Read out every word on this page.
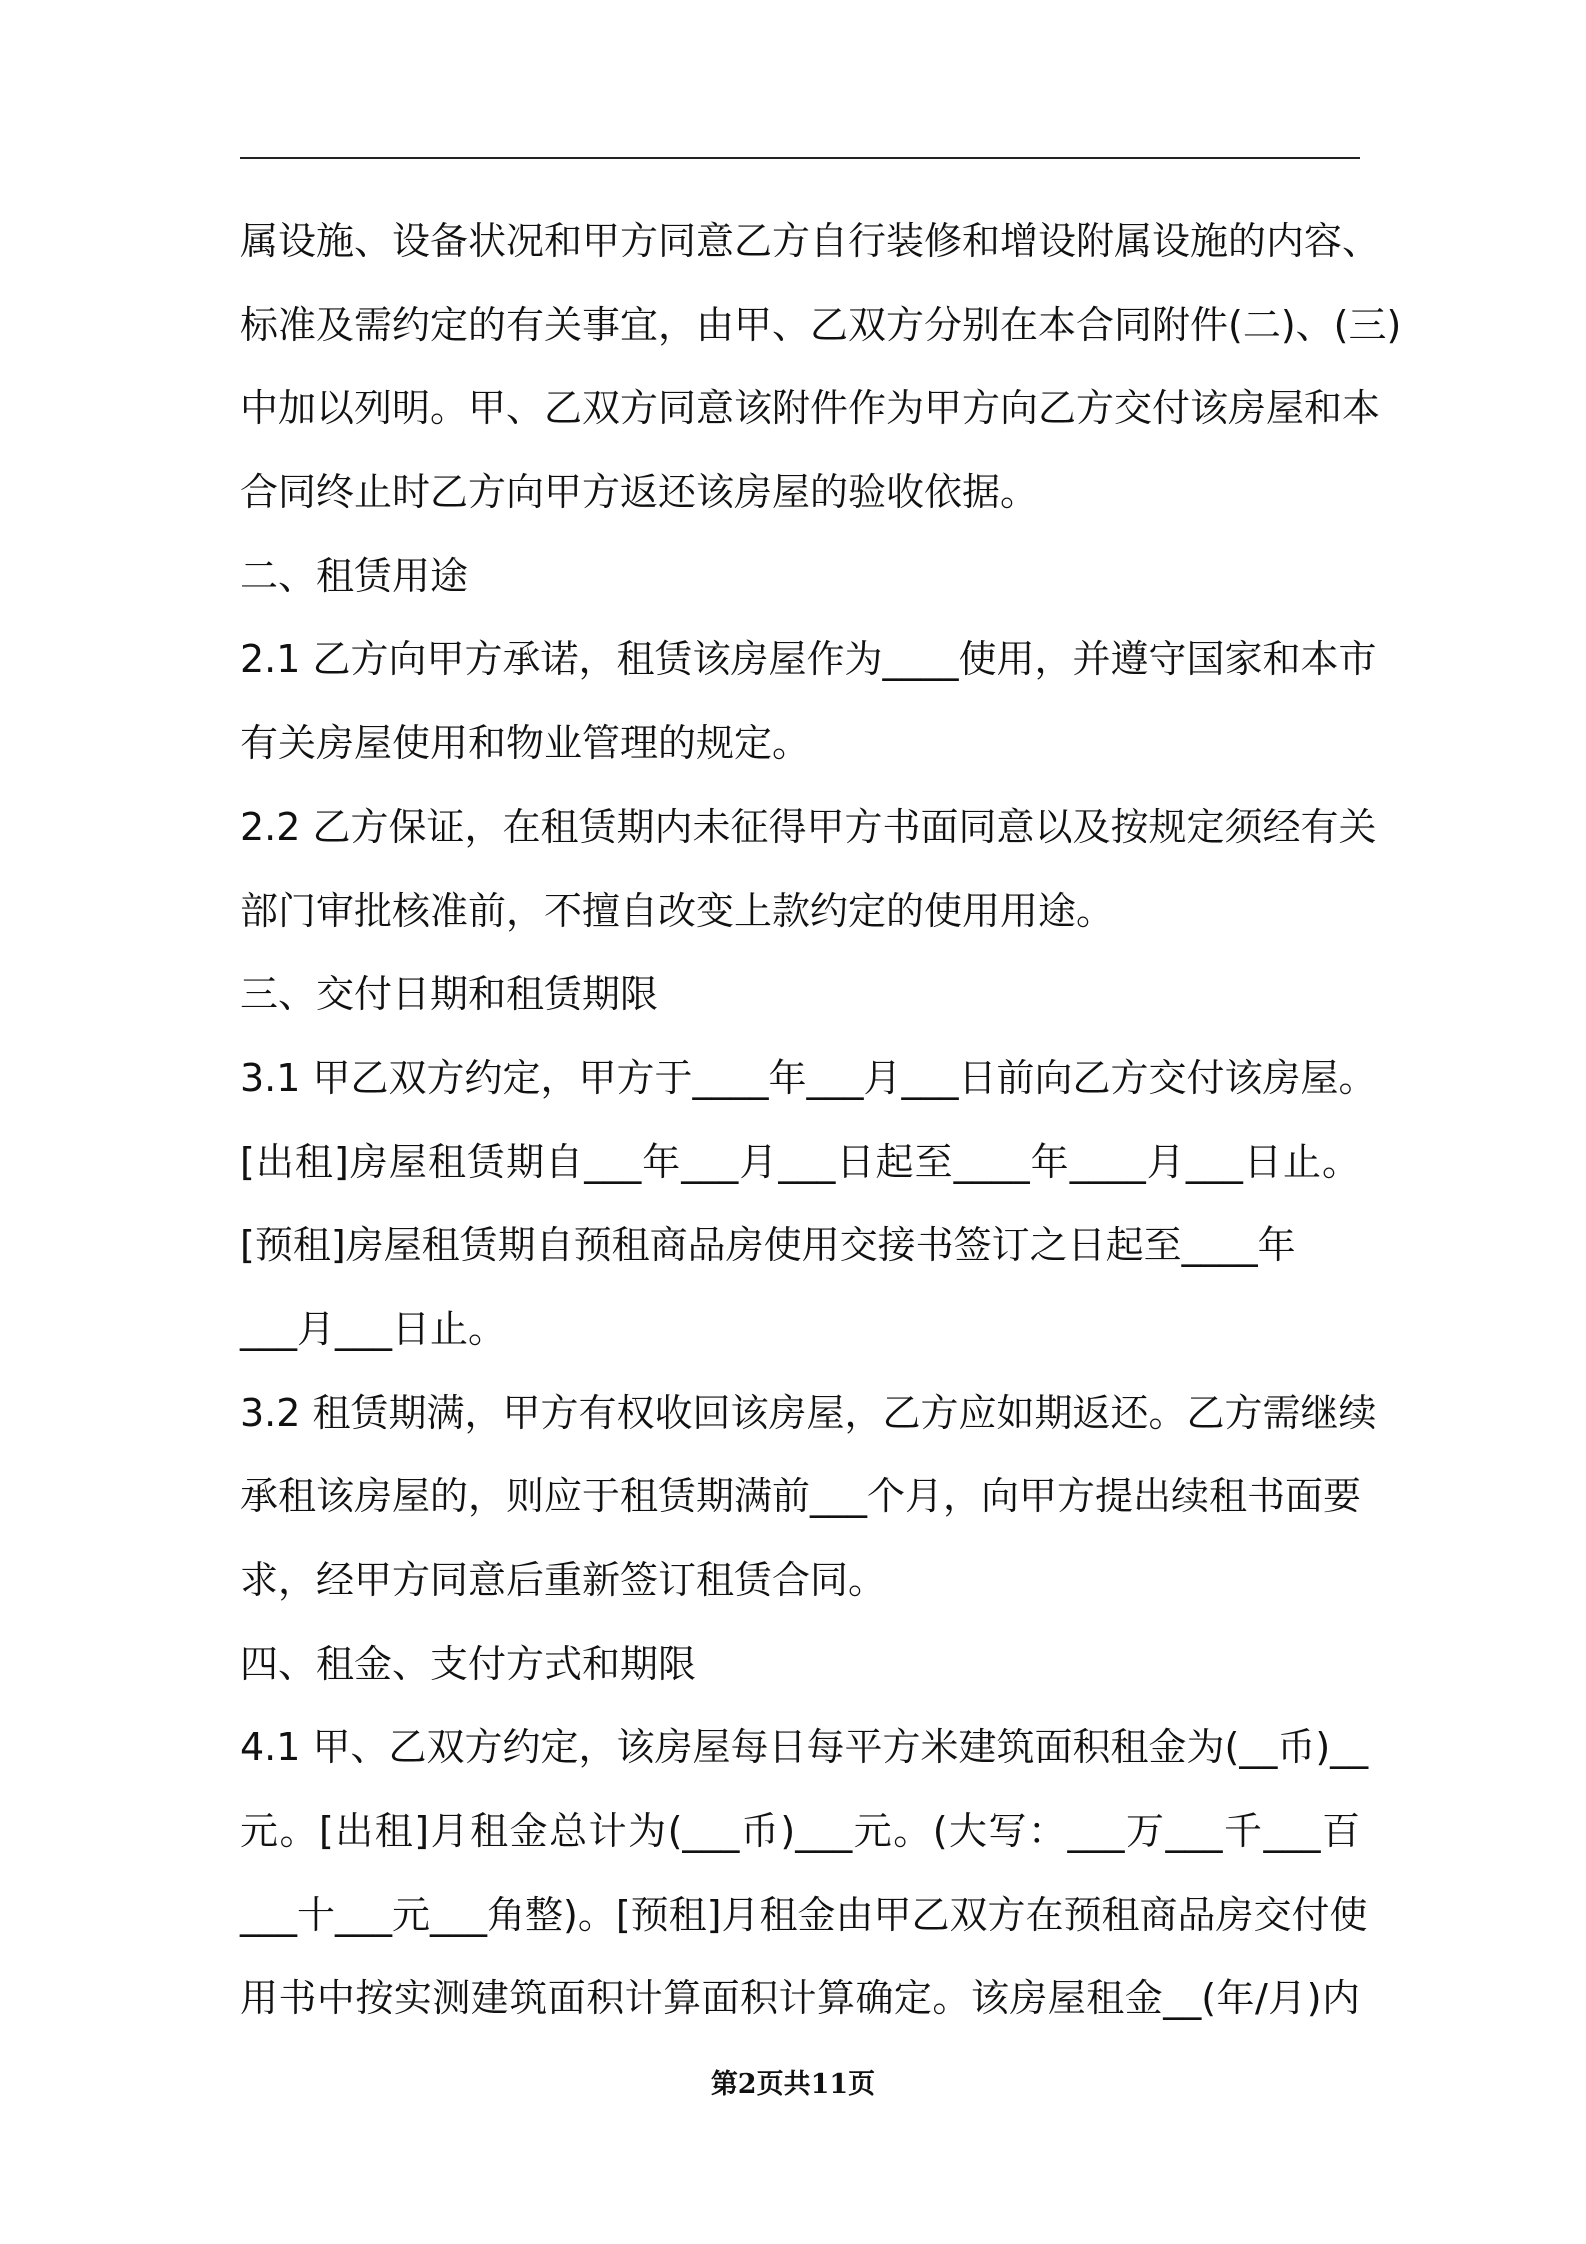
属设施、设备状况和甲方同意乙方自行装修和增设附属设施的内容、
标准及需约定的有关事宜，由甲、乙双方分别在本合同附件(二)、(三)
中加以列明。甲、乙双方同意该附件作为甲方向乙方交付该房屋和本
合同终止时乙方向甲方返还该房屋的验收依据。
二、租赁用途
2.1 乙方向甲方承诺，租赁该房屋作为____使用，并遵守国家和本市
有关房屋使用和物业管理的规定。
2.2 乙方保证，在租赁期内未征得甲方书面同意以及按规定须经有关
部门审批核准前，不擅自改变上款约定的使用用途。
三、交付日期和租赁期限
3.1 甲乙双方约定，甲方于____年___月___日前向乙方交付该房屋。
[出租]房屋租赁期自___年___月___日起至____年____月___日止。
[预租]房屋租赁期自预租商品房使用交接书签订之日起至____年
___月___日止。
3.2 租赁期满，甲方有权收回该房屋，乙方应如期返还。乙方需继续
承租该房屋的，则应于租赁期满前___个月，向甲方提出续租书面要
求，经甲方同意后重新签订租赁合同。
四、租金、支付方式和期限
4.1 甲、乙双方约定，该房屋每日每平方米建筑面积租金为(__币)__
元。[出租]月租金总计为(___币)___元。(大写：___万___千___百
___十___元___角整)。[预租]月租金由甲乙双方在预租商品房交付使
用书中按实测建筑面积计算面积计算确定。该房屋租金__(年/月)内
第2页共11页
